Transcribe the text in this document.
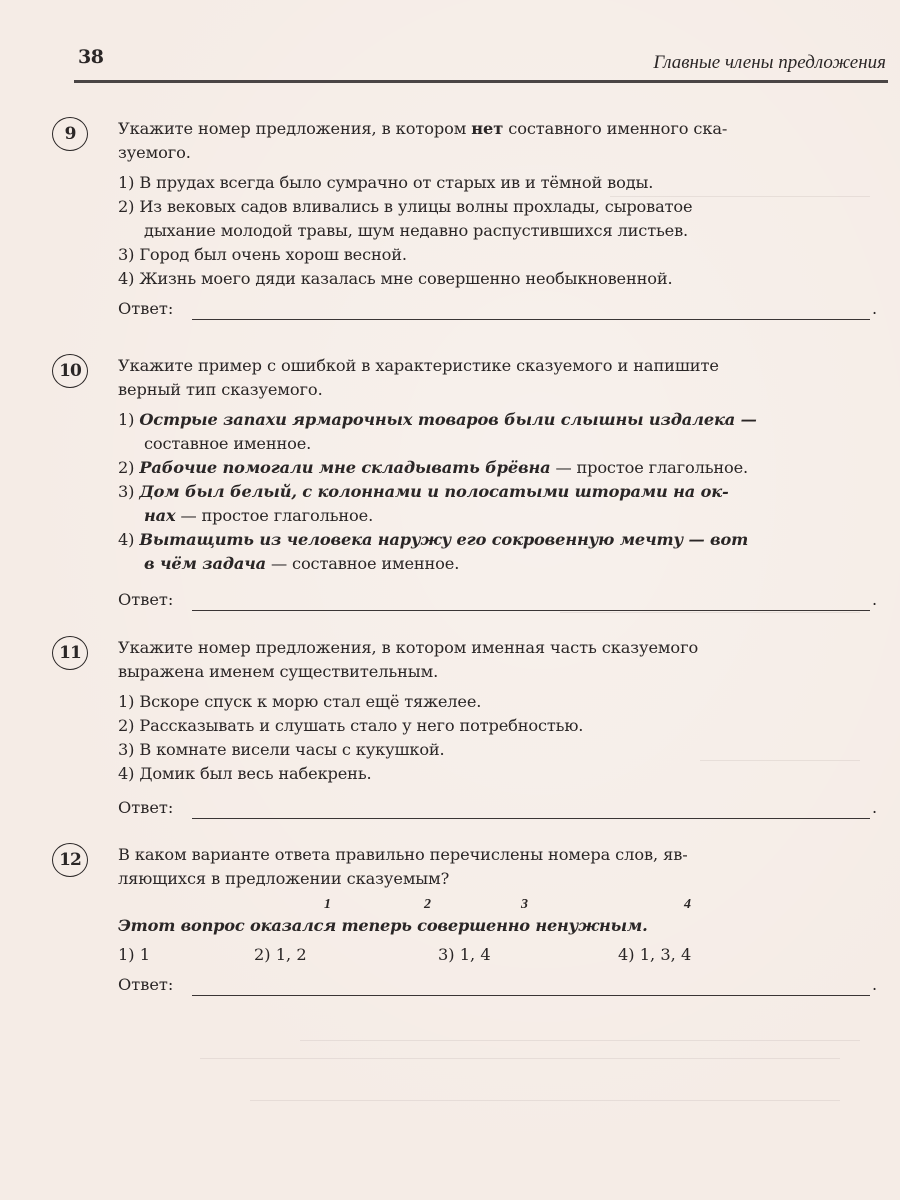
38	Главные члены предложения
9	Укажите номер предложения, в котором нет составного именного ска-
зуемого.
1) В прудах всегда было сумрачно от старых ив и тёмной воды.
2) Из вековых садов вливались в улицы волны прохлады, сыроватое
дыхание молодой травы, шум недавно распустившихся листьев.
3) Город был очень хорош весной.
4) Жизнь моего дяди казалась мне совершенно необыкновенной.
Ответ:	.
10	Укажите пример с ошибкой в характеристике сказуемого и напишите
верный тип сказуемого.
1) Острые запахи ярмарочных товаров были слышны издалека —
составное именное.
2) Рабочие помогали мне складывать брёвна — простое глагольное.
3) Дом был белый, с колоннами и полосатыми шторами на ок-
нах — простое глагольное.
4) Вытащить из человека наружу его сокровенную мечту — вот
в чём задача — составное именное.
Ответ:	.
11	Укажите номер предложения, в котором именная часть сказуемого
выражена именем существительным.
1) Вскоре спуск к морю стал ещё тяжелее.
2) Рассказывать и слушать стало у него потребностью.
3) В комнате висели часы с кукушкой.
4) Домик был весь набекрень.
Ответ:	.
12	В каком варианте ответа правильно перечислены номера слов, яв-
ляющихся в предложении сказуемым?
1	2	3	4
Этот вопрос оказался теперь совершенно ненужным.
1) 1	2) 1, 2	3) 1, 4	4) 1, 3, 4
Ответ:	.
